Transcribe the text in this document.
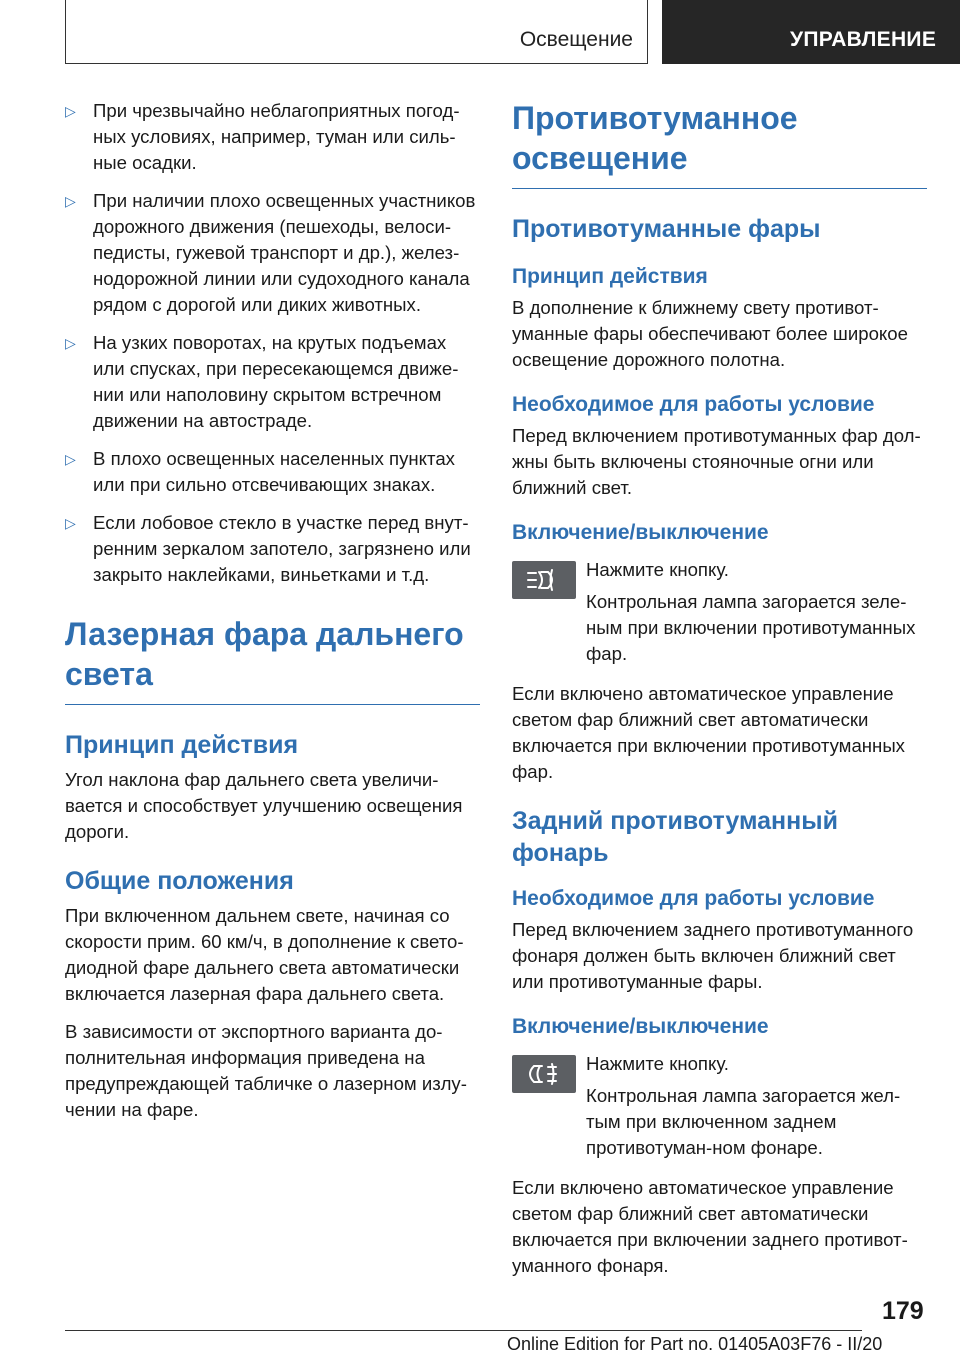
Освещение	УПРАВЛЕНИЕ
▷ При чрезвычайно неблагоприятных погод-ных условиях, например, туман или силь-ные осадки.
▷ При наличии плохо освещенных участников дорожного движения (пешеходы, велоси-педисты, гужевой транспорт и др.), желез-нодорожной линии или судоходного канала рядом с дорогой или диких животных.
▷ На узких поворотах, на крутых подъемах или спусках, при пересекающемся движе-нии или наполовину скрытом встречном движении на автостраде.
▷ В плохо освещенных населенных пунктах или при сильно отсвечивающих знаках.
▷ Если лобовое стекло в участке перед внут-ренним зеркалом запотело, загрязнено или закрыто наклейками, виньетками и т.д.
Лазерная фара дальнего света
Принцип действия

Угол наклона фар дальнего света увеличи-вается и способствует улучшению освещения дороги.

Общие положения

При включенном дальнем свете, начиная со скорости прим. 60 км/ч, в дополнение к свето-диодной фаре дальнего света автоматически включается лазерная фара дальнего света.

В зависимости от экспортного варианта до-полнительная информация приведена на предупреждающей табличке о лазерном излу-чении на фаре.

Противотуманное освещение
Противотуманные фары
Принцип действия

В дополнение к ближнему свету противот-уманные фары обеспечивают более широкое освещение дорожного полотна.

Необходимое для работы условие

Перед включением противотуманных фар дол-жны быть включены стояночные огни или ближний свет.

Включение/выключение

Нажмите кнопку.

Контрольная лампа загорается зеле-ным при включении противотуманных фар.

Если включено автоматическое управление светом фар ближний свет автоматически включается при включении противотуманных фар.

Задний противотуманный фонарь
Необходимое для работы условие

Перед включением заднего противотуманного фонаря должен быть включен ближний свет или противотуманные фары.

Включение/выключение

Нажмите кнопку.

Контрольная лампа загорается жел-тым при включенном заднем противотуман-ном фонаре.

Если включено автоматическое управление светом фар ближний свет автоматически включается при включении заднего противот-уманного фонаря.

179
Online Edition for Part no. 01405A03F76 - II/20
